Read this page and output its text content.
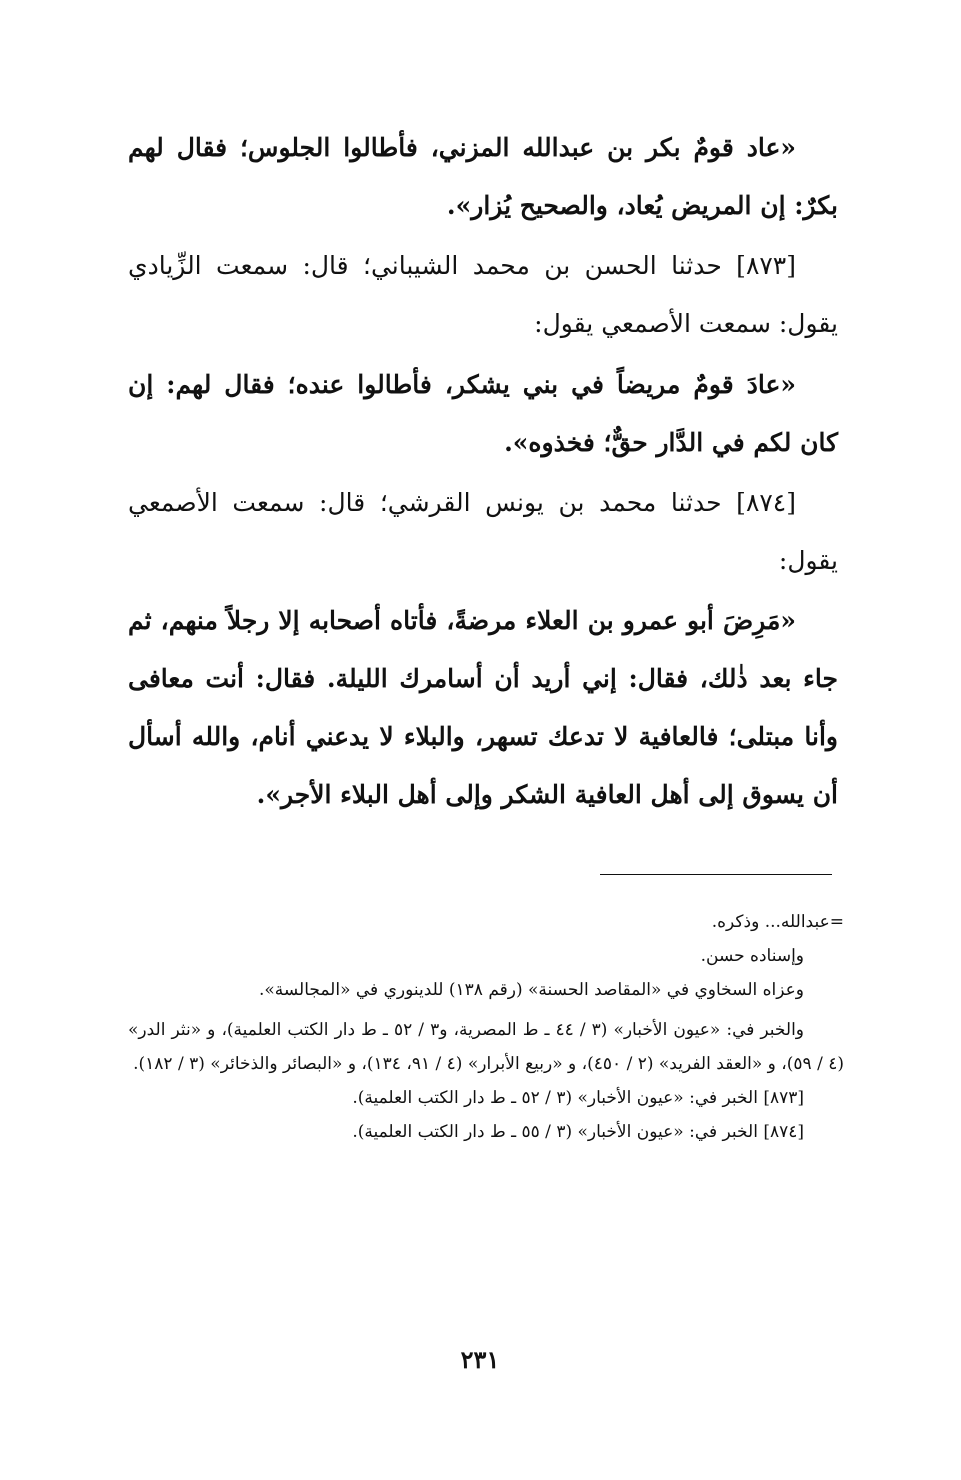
«عاد قومٌ بكر بن عبدالله المزني، فأطالوا الجلوس؛ فقال لهم بكرٌ: إن المريض يُعاد، والصحيح يُزار».

[٨٧٣] حدثنا الحسن بن محمد الشيباني؛ قال: سمعت الزِّيادي يقول: سمعت الأصمعي يقول:

«عادَ قومٌ مريضاً في بني يشكر، فأطالوا عنده؛ فقال لهم: إن كان لكم في الدَّار حقٌّ؛ فخذوه».

[٨٧٤] حدثنا محمد بن يونس القرشي؛ قال: سمعت الأصمعي يقول:

«مَرِضَ أبو عمرو بن العلاء مرضةً، فأتاه أصحابه إلا رجلاً منهم، ثم جاء بعد ذٰلك، فقال: إني أريد أن أسامرك الليلة. فقال: أنت معافى وأنا مبتلى؛ فالعافية لا تدعك تسهر، والبلاء لا يدعني أنام، والله أسأل أن يسوق إلى أهل العافية الشكر وإلى أهل البلاء الأجر».

=عبدالله... وذكره.

وإسناده حسن.

وعزاه السخاوي في «المقاصد الحسنة» (رقم ١٣٨) للدينوري في «المجالسة».

والخبر في: «عيون الأخبار» (٣ / ٤٤ ـ ط المصرية، و٣ / ٥٢ ـ ط دار الكتب العلمية)، و «نثر الدر» (٤ / ٥٩)، و «العقد الفريد» (٢ / ٤٥٠)، و «ربيع الأبرار» (٤ / ٩١، ١٣٤)، و «البصائر والذخائر» (٣ / ١٨٢).

[٨٧٣] الخبر في: «عيون الأخبار» (٣ / ٥٢ ـ ط دار الكتب العلمية).

[٨٧٤] الخبر في: «عيون الأخبار» (٣ / ٥٥ ـ ط دار الكتب العلمية).

٢٣١
